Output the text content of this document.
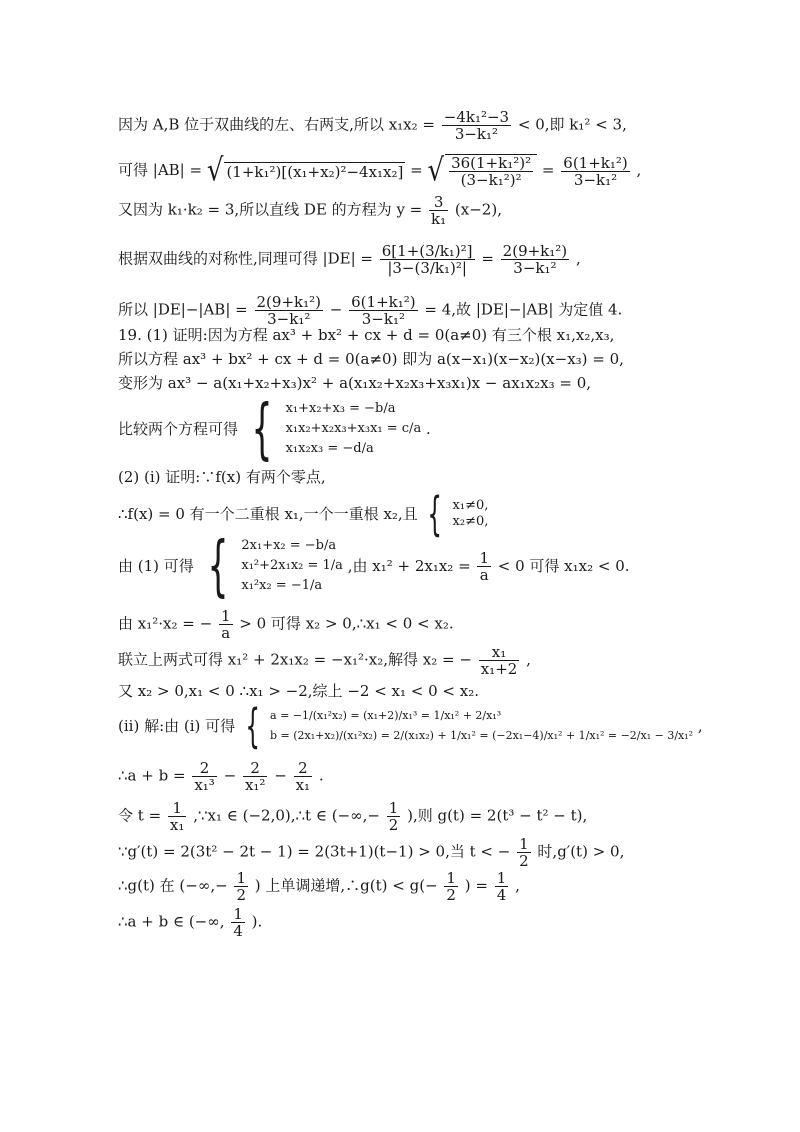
因为 A,B 位于双曲线的左、右两支,所以 $x_1x_2 = \frac{\text{−4k₁²−3}}{\text{3−k₁²}} < 0$,即 k₁² < 3,
可得 |AB| = √ (1+k₁²)[(x₁+x₂)²−4x₁x₂] = √ $\frac{\text{36(1+k₁²)²}}{\text{(3−k₁²)²}} = \frac{\text{6(1+k₁²)}}{\text{3−k₁²}}$ ,
又因为 k₁·k₂ = 3,所以直线 DE 的方程为 $y = \frac{3}{\text{k₁}} (x-2)$,
根据双曲线的对称性,同理可得 $|DE| = \frac{\text{6[1+(3/k₁)²]}}{\text{|3−(3/k₁)²|}} = \frac{\text{2(9+k₁²)}}{\text{3−k₁²}}$ ,
所以 $|DE|-|AB| = \frac{\text{2(9+k₁²)}}{\text{3−k₁²}} - \frac{\text{6(1+k₁²)}}{\text{3−k₁²}} = 4$,故 |DE|−|AB| 为定值 4.
19. (1) 证明:因为方程 ax³ + bx² + cx + d = 0(a≠0) 有三个根 x₁,x₂,x₃,
所以方程 ax³ + bx² + cx + d = 0(a≠0) 即为 a(x−x₁)(x−x₂)(x−x₃) = 0,
变形为 ax³ − a(x₁+x₂+x₃)x² + a(x₁x₂+x₂x₃+x₃x₁)x − ax₁x₂x₃ = 0,
比较两个方程可得 { x₁+x₂+x₃ = −b/a
x₁x₂+x₂x₃+x₃x₁ = c/a
x₁x₂x₃ = −d/a
.
(2) (i) 证明:∵f(x) 有两个零点,
∴f(x) = 0 有一个二重根 x₁,一个一重根 x₂,且 { x₁≠0,
x₂≠0,
由 (1) 可得 { 2x₁+x₂ = −b/a
x₁²+2x₁x₂ = 1/a
x₁²x₂ = −1/a
,由 $x_1^2 + 2x_1x_2 = \frac{1}{a} < 0$ 可得 x₁x₂ < 0.
由 x₁²·x₂ = − $\frac{1}{a} > 0$ 可得 x₂ > 0,∴x₁ < 0 < x₂.
联立上两式可得 x₁² + 2x₁x₂ = −x₁²·x₂,解得 x₂ = − $\frac{\text{x₁}}{\text{x₁+2}}$ ,
又 x₂ > 0,x₁ < 0 ∴x₁ > −2,综上 −2 < x₁ < 0 < x₂.
(ii) 解:由 (i) 可得 { a = −1/(x₁²x₂) = (x₁+2)/x₁³ = 1/x₁² + 2/x₁³
b = (2x₁+x₂)/(x₁²x₂) = 2/(x₁x₂) + 1/x₁² = (−2x₁−4)/x₁² + 1/x₁² = −2/x₁ − 3/x₁²
,
∴a + $b = \frac{2}{\text{x₁³}} - \frac{2}{\text{x₁²}} - \frac{2}{\text{x₁}}$ .
令 $t = \frac{1}{\text{x₁}}$ ,∵x₁ ∈ (−2,0),∴t ∈ (−∞,− $\frac{1}{2}$ ),则 g(t) = 2(t³ − t² − t),
∵g′(t) = 2(3t² − 2t − 1) = 2(3t+1)(t−1) > 0,当 t < − $\frac{1}{2}$ 时,g′(t) > 0,
∴g(t) 在 (−∞,− $\frac{1}{2}$ ) 上单调递增,∴g(t) < $g(- \frac{1}{2}$ ) = $\frac{1}{4}$ ,
∴a + b ∈ (−∞, $\frac{1}{4}$ ).
